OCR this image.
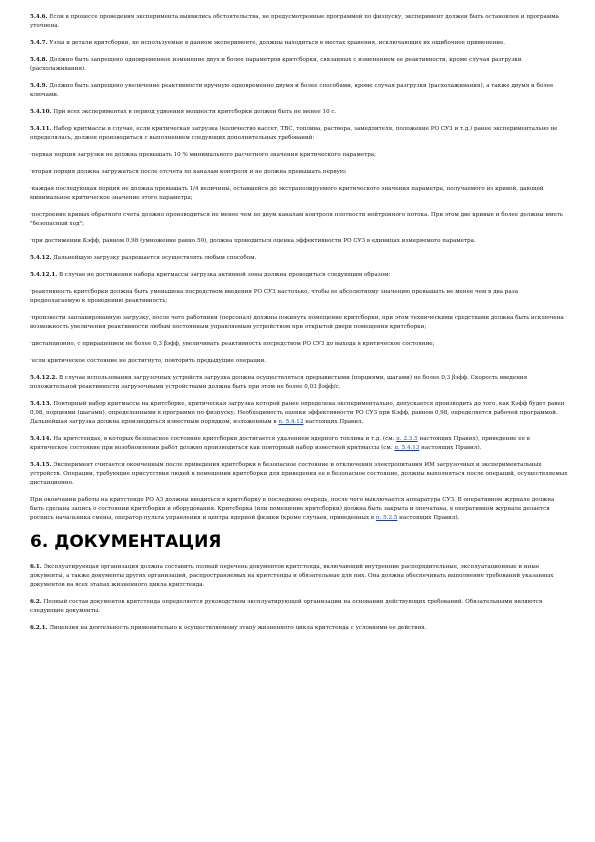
5.4.6. Если в процессе проведения эксперимента выявились обстоятельства, не предусмотренные программой по физпуску, эксперимент должен быть остановлен и программа уточнена.

5.4.7. Узлы и детали критсборки, не используемые в данном эксперименте, должны находиться в местах хранения, исключающих их ошибочное применение.

5.4.8. Должно быть запрещено одновременное изменение двух и более параметров критсборки, связанных с изменением ее реактивности, кроме случая разгрузки (расхолаживания).

5.4.9. Должно быть запрещено увеличение реактивности вручную одновременно двумя и более способами, кроме случая разгрузки (расхолаживания), а также двумя и более ключами.

5.4.10. При всех экспериментах в период удвоения мощности критсборки должен быть не менее 10 с.

5.4.11. Набор критмассы в случае, если критическая загрузка (количество кассет, ТВС, топлива, раствора, замедлителя, положение РО СУЗ и т.д.) ранее экспериментально не определялась, должен производиться с выполнением следующих дополнительных требований:

·первая порция загрузки не должна превышать 10 % минимального расчетного значения критического параметра;

·вторая порция должна загружаться после отсчета по каналам контроля и не должна превышать первую;

·каждая последующая порция не должна превышать 1/4 величины, оставшейся до экстраполируемого критического значения параметра, получаемого из кривой, дающей минимальное критическое значение этого параметра;

·построение кривых обратного счета должно производиться не менее чем по двум каналам контроля плотности нейтронного потока. При этом две кривые и более должны иметь "безопасный ход";

·при достижении Кэфф, равном 0,98 (умножение равно 50), должна проводиться оценка эффективности РО СУЗ в единицах измеряемого параметра.

5.4.12. Дальнейшую загрузку разрешается осуществлять любым способом.

5.4.12.1. В случае не достижения набора критмассы загрузка активной зоны должна проводиться следующим образом:

·реактивность критсборки должна быть уменьшена посредством введения РО СУЗ настолько, чтобы ее абсолютному значению превышать не менее чем в два раза предполагаемую к проведению реактивность;

·произвести запланированную загрузку, после чего работники (персонал) должны покинуть помещение критсборки, при этом техническими средствами должна быть исключена возможность увеличения реактивности любым постоянным управляемым устройством при открытой двери помещения критсборки;

·дистанционно, с приращением не более 0,3 βэфф, увеличивать реактивность посредством РО СУЗ до выхода в критическое состояние;

·если критическое состояние не достигнуто, повторить предыдущие операции.

5.4.12.2. В случае использования загрузочных устройств загрузка должна осуществляться прерывистыми (порциями, шагами) не более 0,3 βэфф. Скорость введения положительной реактивности загрузочными устройствами должна быть при этом не более 0,03 βэфф/с.

5.4.13. Повторный набор критмассы на критсборке, критическая загрузка которой ранее определена экспериментально, допускается производить до того, как Кэфф будет равен 0,98, порциями (шагами), определенными в программе по физпуску. Необходимость оценки эффективности РО СУЗ при Кэфф, равном 0,98, определяется рабочей программой. Дальнейшая загрузка должна производиться известным порядком, изложенным в п. 5.4.12 настоящих Правил.

5.4.14. На критстендах, в которых безопасное состояние критсборки достигается удалением ядерного топлива и т.д. (см. п. 2.3.5 настоящих Правил), приведение ее в критическое состояние при возобновлении работ должно производиться как повторный набор известной критмассы (см. п. 5.4.13 настоящих Правил).

5.4.15. Эксперимент считается оконченным после приведения критсборки в безопасное состояние и отключения электропитания ИМ загрузочных и экспериментальных устройств. Операции, требующие присутствия людей в помещении критсборки для приведения ее в безопасное состояние, должны выполняться после операций, осуществляемых дистанционно.

При окончании работы на критстенде РО АЗ должны вводиться в критсборку в последнюю очередь, после чего выключается аппаратура СУЗ. В оперативном журнале должна быть сделана запись о состоянии критсборки и оборудования. Критсборка (или помещение критсборки) должна быть закрыта и опечатана, в оперативном журнале делается роспись начальника смены, оператор пульта управления и центра ядерной физики (кроме случаев, приведенных в п. 5.2.5 настоящих Правил).

6. ДОКУМЕНТАЦИЯ

6.1. Эксплуатирующая организация должна составить полный перечень документов критстенда, включающий внутренние распорядительные, эксплуатационные и иные документы, а также документы других организаций, распространяемых на критстенды и обязательные для них. Она должна обеспечивать выполнение требований указанных документов на всех этапах жизненного цикла критстенда.

6.2. Полный состав документов критстенда определяется руководством эксплуатирующей организации на основании действующих требований. Обязательными являются следующие документы.

6.2.1. Лицензия на деятельность применительно к осуществляемому этапу жизненного цикла критстенда с условиями ее действия.
